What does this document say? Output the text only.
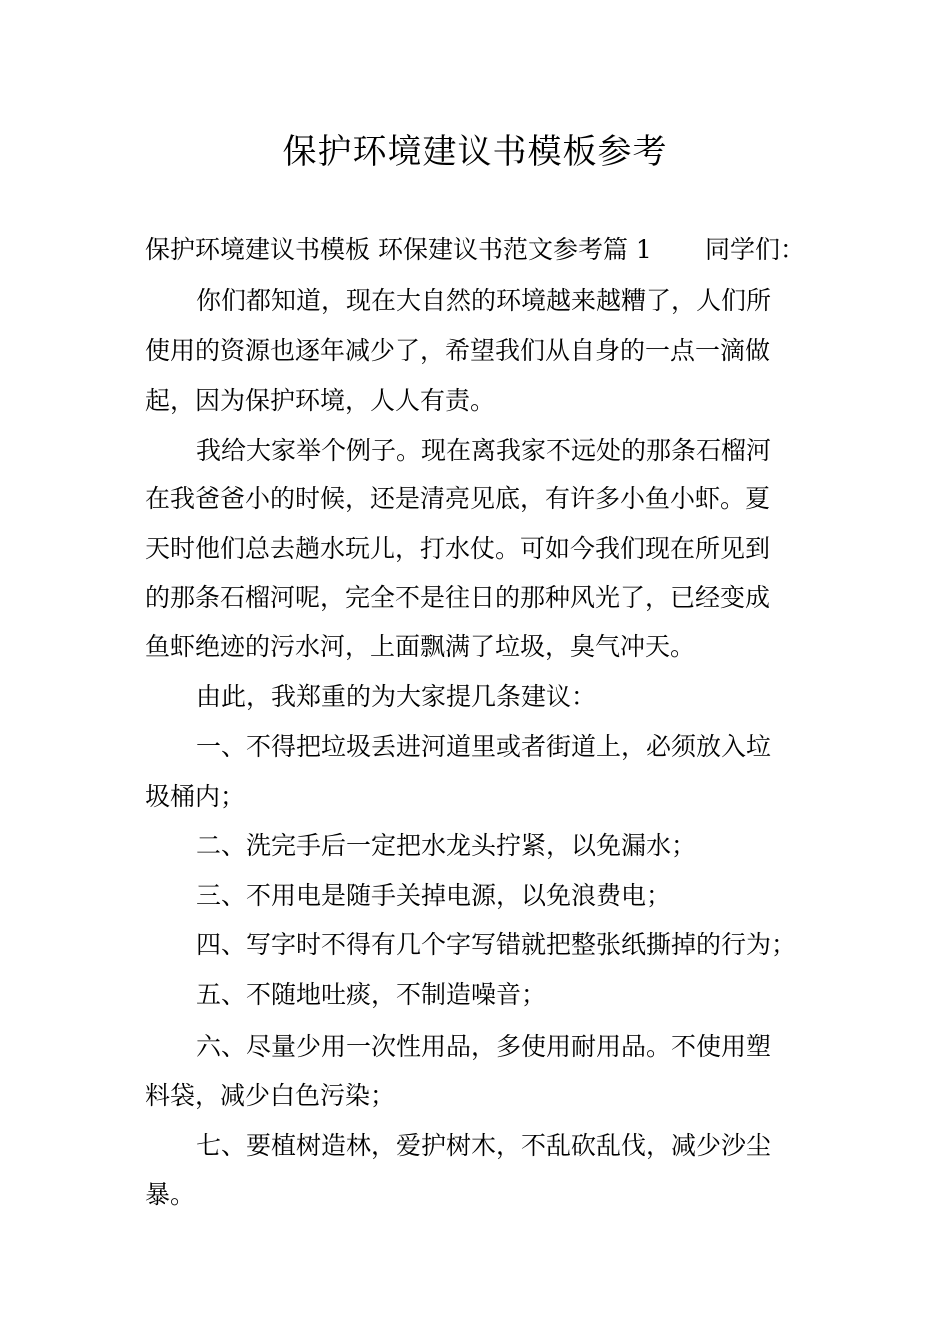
保护环境建议书模板参考
保护环境建议书模板 环保建议书范文参考篇 1 同学们：
你们都知道，现在大自然的环境越来越糟了，人们所
使用的资源也逐年减少了，希望我们从自身的一点一滴做
起，因为保护环境，人人有责。
我给大家举个例子。现在离我家不远处的那条石榴河
在我爸爸小的时候，还是清亮见底，有许多小鱼小虾。夏
天时他们总去趟水玩儿，打水仗。可如今我们现在所见到
的那条石榴河呢，完全不是往日的那种风光了，已经变成
鱼虾绝迹的污水河，上面飘满了垃圾，臭气冲天。
由此，我郑重的为大家提几条建议：
一、不得把垃圾丢进河道里或者街道上，必须放入垃
圾桶内；
二、洗完手后一定把水龙头拧紧，以免漏水；
三、不用电是随手关掉电源，以免浪费电；
四、写字时不得有几个字写错就把整张纸撕掉的行为；
五、不随地吐痰，不制造噪音；
六、尽量少用一次性用品，多使用耐用品。不使用塑
料袋，减少白色污染；
七、要植树造林，爱护树木，不乱砍乱伐，减少沙尘
暴。
